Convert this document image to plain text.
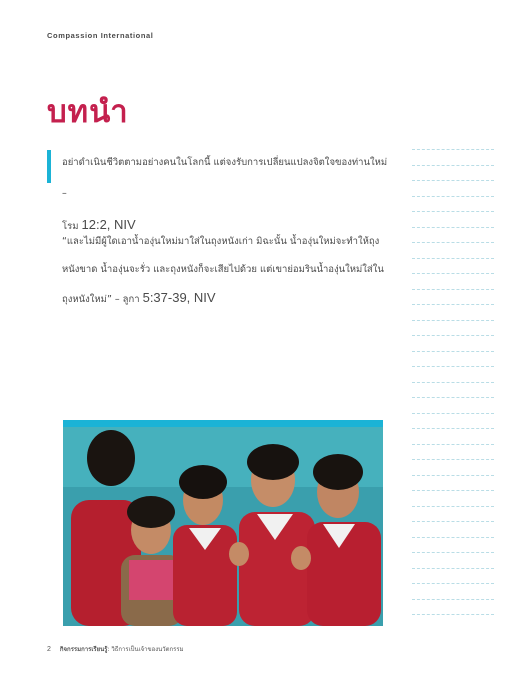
Compassion International
บทนำ
อย่าดำเนินชีวิตตามอย่างคนในโลกนี้ แต่จงรับการเปลี่ยนแปลงจิตใจของท่านใหม่ –
โรม 12:2, NIV
“และไม่มีผู้ใดเอาน้ำองุ่นใหม่มาใส่ในถุงหนังเก่า มิฉะนั้น น้ำองุ่นใหม่จะทำให้ถุงหนังขาด น้ำองุ่นจะรั่ว และถุงหนังก็จะเสียไปด้วย แต่เขาย่อมรินน้ำองุ่นใหม่ใส่ในถุงหนังใหม่” – ลูกา 5:37-39, NIV
2 กิจกรรมการเรียนรู้: วิธีการเป็นเจ้าของนวัตกรรม
